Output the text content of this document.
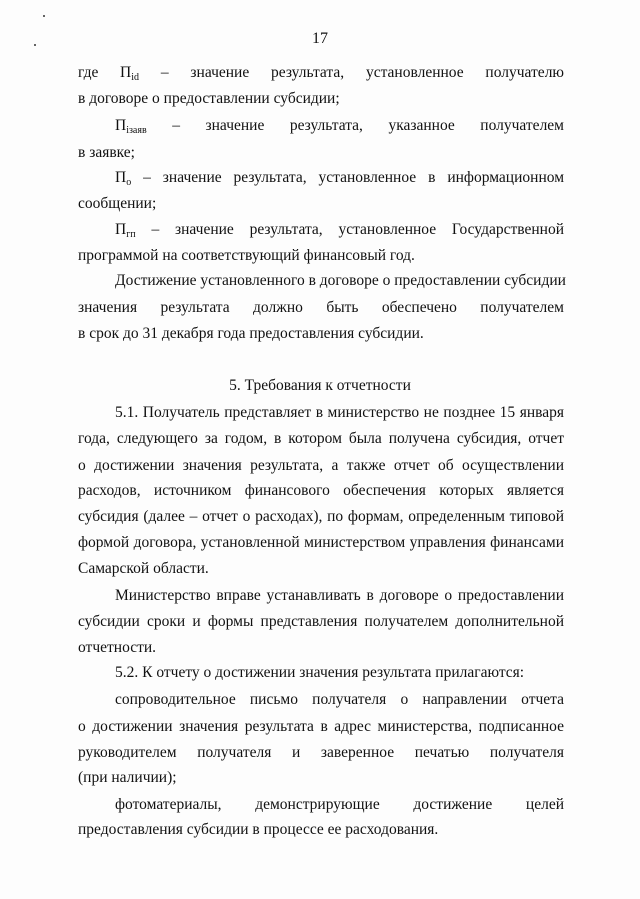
17
где $П_{id}$ – значение результата, установленное получателю
в договоре о предоставлении субсидии;
$П_{iзаяв}$ – значение результата, указанное получателем
в заявке;
$П_о$ – значение результата, установленное в информационном
сообщении;
$П_{гп}$ – значение результата, установленное Государственной
программой на соответствующий финансовый год.
Достижение установленного в договоре о предоставлении субсидии
значения результата должно быть обеспечено получателем
в срок до 31 декабря года предоставления субсидии.
5. Требования к отчетности
5.1. Получатель представляет в министерство не позднее 15 января
года, следующего за годом, в котором была получена субсидия, отчет
о достижении значения результата, а также отчет об осуществлении
расходов, источником финансового обеспечения которых является
субсидия (далее – отчет о расходах), по формам, определенным типовой
формой договора, установленной министерством управления финансами
Самарской области.
Министерство вправе устанавливать в договоре о предоставлении
субсидии сроки и формы представления получателем дополнительной
отчетности.
5.2. К отчету о достижении значения результата прилагаются:
сопроводительное письмо получателя о направлении отчета
о достижении значения результата в адрес министерства, подписанное
руководителем получателя и заверенное печатью получателя
(при наличии);
фотоматериалы, демонстрирующие достижение целей
предоставления субсидии в процессе ее расходования.
